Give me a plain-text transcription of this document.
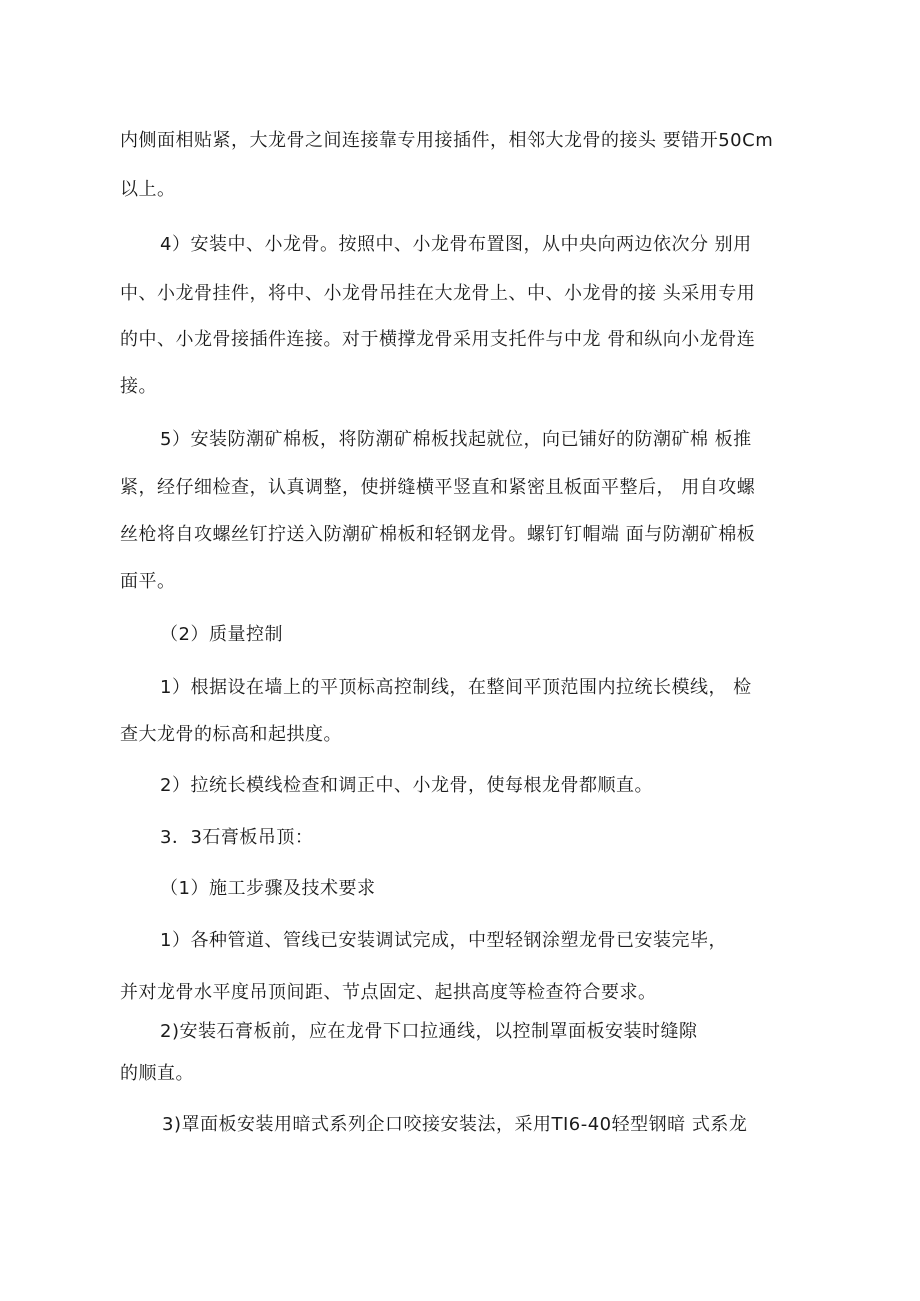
内侧面相贴紧，大龙骨之间连接靠专用接插件，相邻大龙骨的接头 要错开50Cm
以上。
4）安装中、小龙骨。按照中、小龙骨布置图，从中央向两边依次分 别用
中、小龙骨挂件，将中、小龙骨吊挂在大龙骨上、中、小龙骨的接 头采用专用
的中、小龙骨接插件连接。对于横撑龙骨采用支托件与中龙 骨和纵向小龙骨连
接。
5）安装防潮矿棉板，将防潮矿棉板找起就位，向已铺好的防潮矿棉 板推
紧，经仔细检查，认真调整，使拼缝横平竖直和紧密且板面平整后， 用自攻螺
丝枪将自攻螺丝钉拧送入防潮矿棉板和轻钢龙骨。螺钉钉帽端 面与防潮矿棉板
面平。
（2）质量控制
1）根据设在墙上的平顶标高控制线，在整间平顶范围内拉统长模线， 检
查大龙骨的标高和起拱度。
2）拉统长模线检查和调正中、小龙骨，使每根龙骨都顺直。
3．3石膏板吊顶：
（1）施工步骤及技术要求
1）各种管道、管线已安装调试完成，中型轻钢涂塑龙骨已安装完毕，
并对龙骨水平度吊顶间距、节点固定、起拱高度等检查符合要求。
2)安装石膏板前，应在龙骨下口拉通线，以控制罩面板安装时缝隙
的顺直。
3)罩面板安装用暗式系列企口咬接安装法，采用TI6-40轻型钢暗 式系龙
